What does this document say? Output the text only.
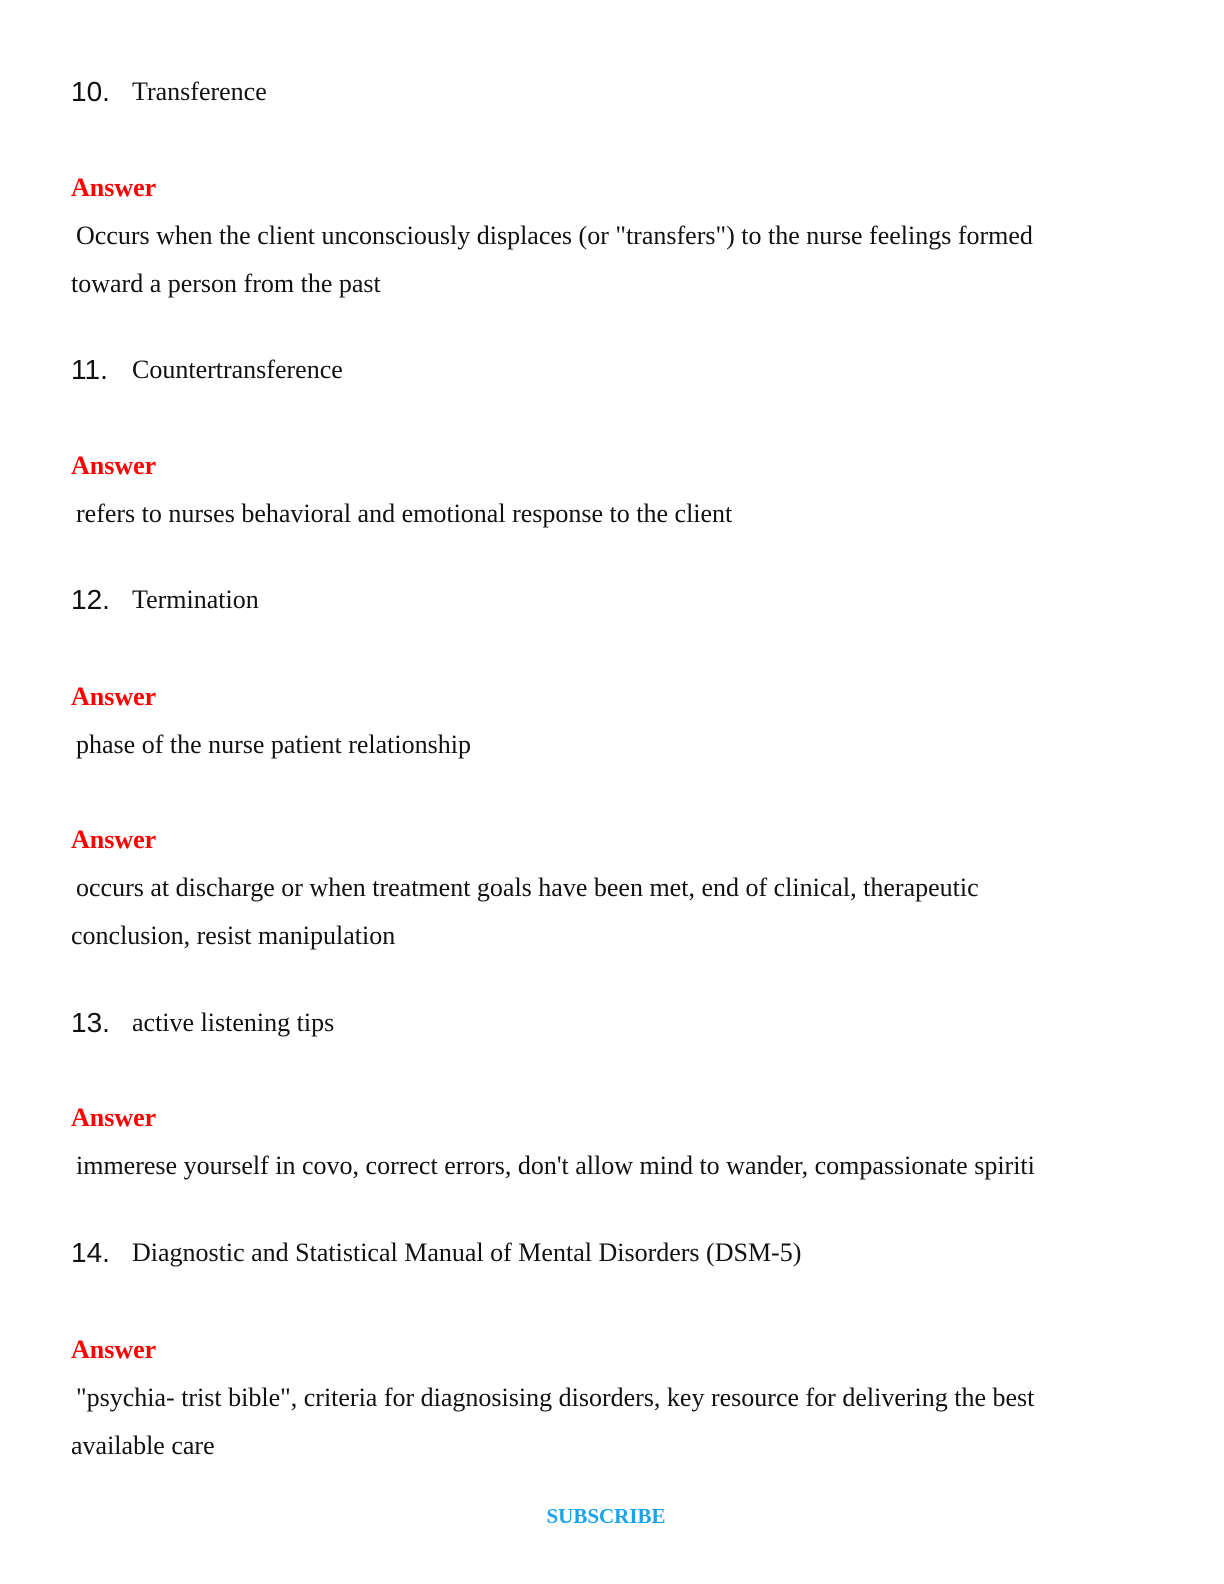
10. Transference
Answer
Occurs when the client unconsciously displaces (or "transfers") to the nurse feelings formed
toward a person from the past
11. Countertransference
Answer
refers to nurses behavioral and emotional response to the client
12. Termination
Answer
phase of the nurse patient relationship
Answer
occurs at discharge or when treatment goals have been met, end of clinical, therapeutic
conclusion, resist manipulation
13. active listening tips
Answer
immerese yourself in covo, correct errors, don't allow mind to wander, compassionate spiriti
14. Diagnostic and Statistical Manual of Mental Disorders (DSM-5)
Answer
"psychia- trist bible", criteria for diagnosising disorders, key resource for delivering the best
available care
SUBSCRIBE
